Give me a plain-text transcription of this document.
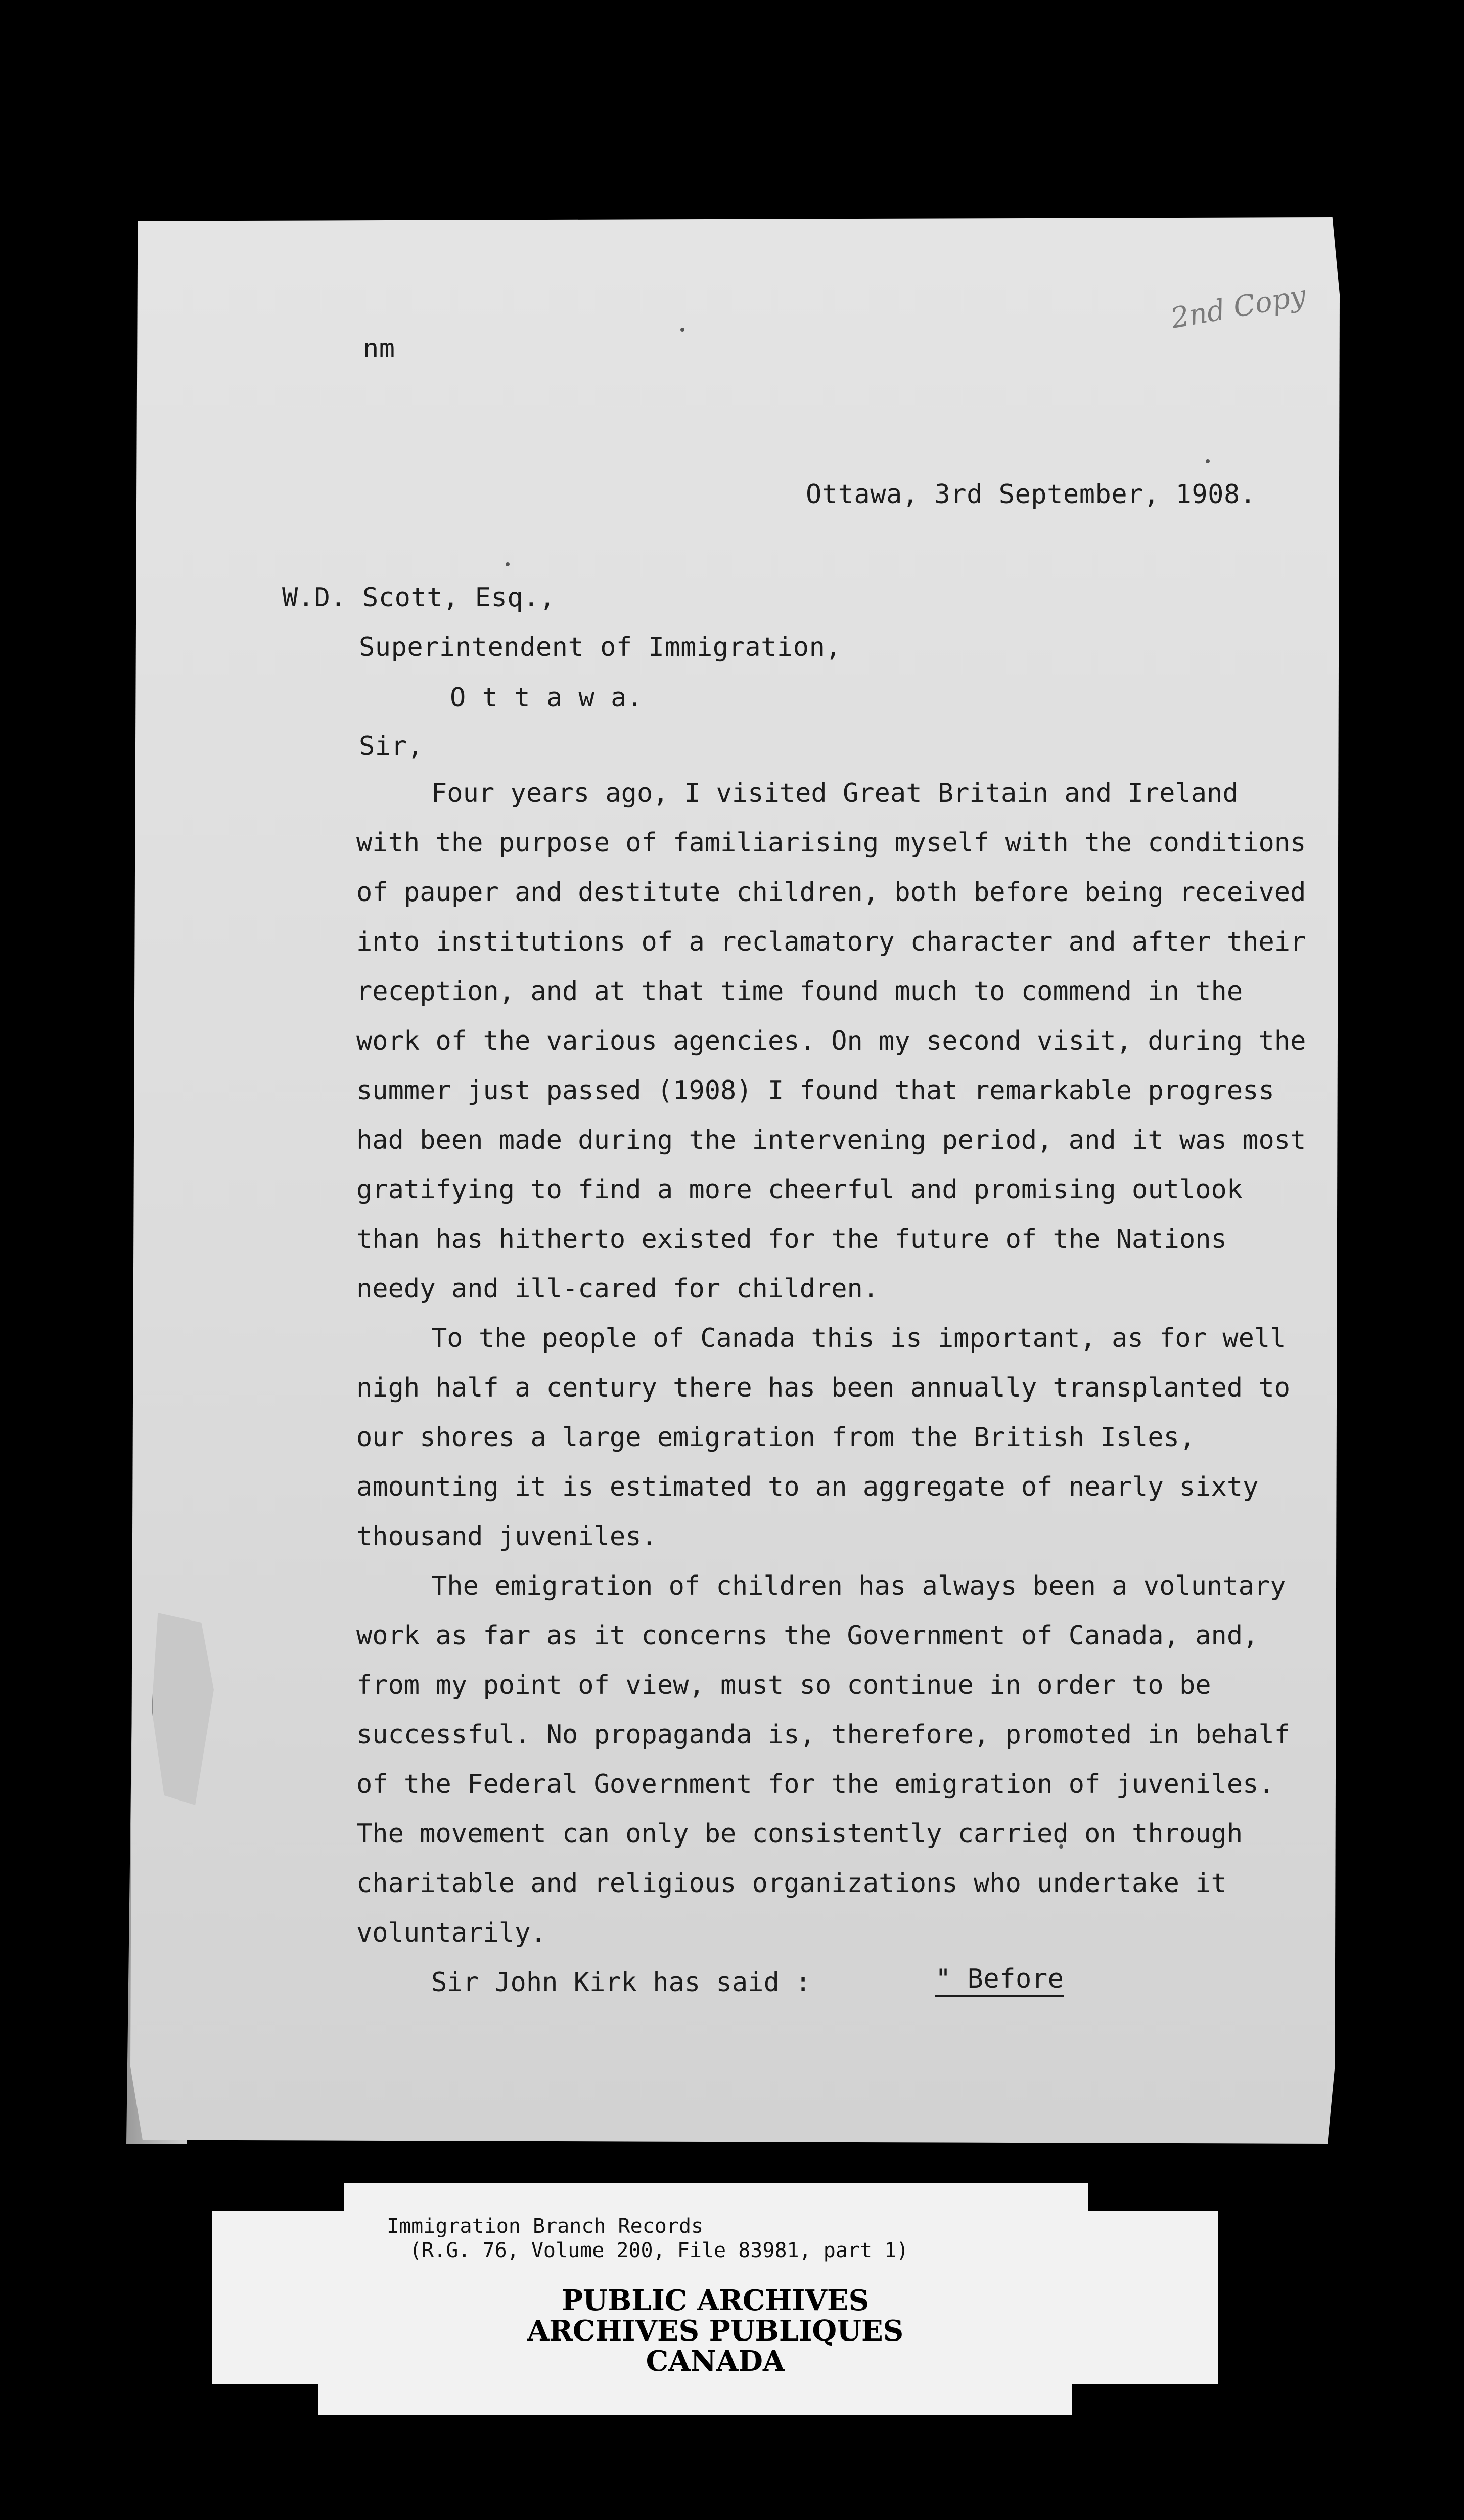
2nd Copy
nm
Ottawa, 3rd September, 1908.
W.D. Scott, Esq.,
Superintendent of Immigration,
O t t a w a.
Sir,

Four years ago, I visited Great Britain and Ireland with the purpose of familiarising myself with the conditions of pauper and destitute children, both before being received into institutions of a reclamatory character and after their reception, and at that time found much to commend in the work of the various agencies. On my second visit, during the summer just passed (1908) I found that remarkable progress had been made during the intervening period, and it was most gratifying to find a more cheerful and promising outlook than has hitherto existed for the future of the Nations needy and ill-cared for children.

To the people of Canada this is important, as for well nigh half a century there has been annually transplanted to our shores a large emigration from the British Isles, amounting it is estimated to an aggregate of nearly sixty thousand juveniles.

The emigration of children has always been a voluntary work as far as it concerns the Government of Canada, and, from my point of view, must so continue in order to be successful. No propaganda is, therefore, promoted in behalf of the Federal Government for the emigration of juveniles. The movement can only be consistently carried on through charitable and religious organizations who undertake it voluntarily.

Sir John Kirk has said :	" Before
Immigration Branch Records
(R.G. 76, Volume 200, File 83981, part 1)
PUBLIC ARCHIVES
ARCHIVES PUBLIQUES
CANADA
